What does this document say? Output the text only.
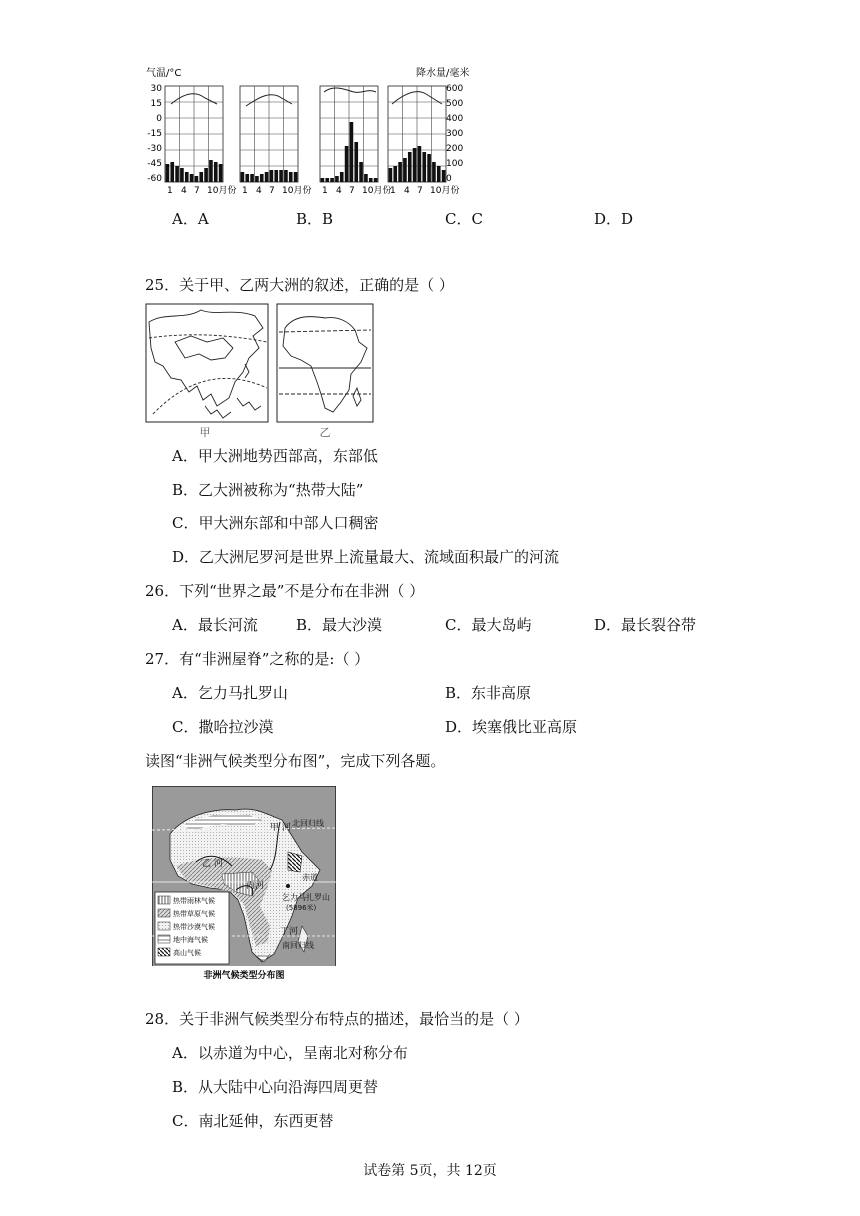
气温/°C	降水量/毫米
30
15
0
-15
-30
-45
-60
600
500
400
300
200
100
0
1 4 7 10月份 1 4 7 10月份 1 4 7 10月份
1 4 7 10月份
A．A	B．B	C．C	D．D
25．关于甲、乙两大洲的叙述，正确的是（ ）
甲	乙
A．甲大洲地势西部高，东部低
B．乙大洲被称为“热带大陆”
C．甲大洲东部和中部人口稠密
D．乙大洲尼罗河是世界上流量最大、流域面积最广的河流
26．下列“世界之最”不是分布在非洲（ ）
A．最长河流	B．最大沙漠	C．最大岛屿	D．最长裂谷带
27．有“非洲屋脊”之称的是:（ ）
A．乞力马扎罗山	B．东非高原
C．撒哈拉沙漠	D．埃塞俄比亚高原
读图“非洲气候类型分布图”，完成下列各题。
甲 河
乙 河
丙河
丁河
北回归线
赤道
南回归线
乞力马扎罗山
(5896米)
热带雨林气候
热带草原气候
热带沙漠气候
地中海气候
高山气候
非洲气候类型分布图
28．关于非洲气候类型分布特点的描述，最恰当的是（ ）
A．以赤道为中心，呈南北对称分布
B．从大陆中心向沿海四周更替
C．南北延伸，东西更替
试卷第 5页，共 12页
